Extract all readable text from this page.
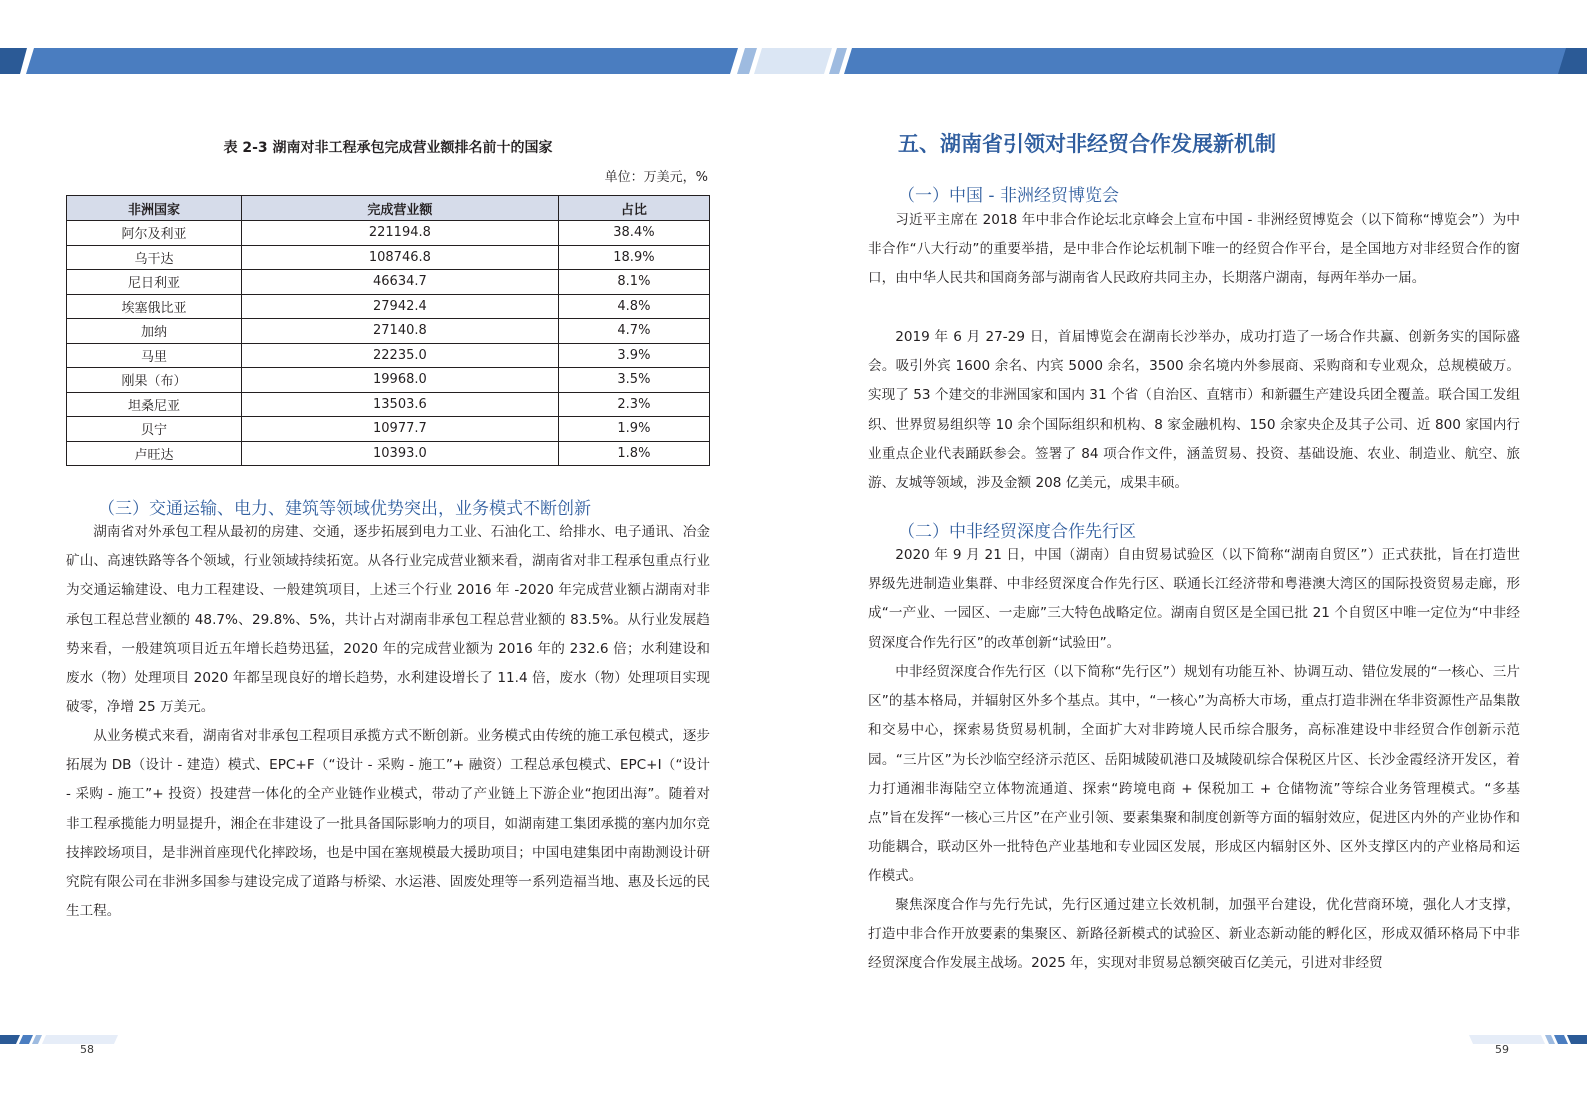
58	59
表 2-3 湖南对非工程承包完成营业额排名前十的国家
单位：万美元，%
非洲国家	完成营业额	占比
阿尔及利亚	221194.8	38.4%
乌干达	108746.8	18.9%
尼日利亚	46634.7	8.1%
埃塞俄比亚	27942.4	4.8%
加纳	27140.8	4.7%
马里	22235.0	3.9%
刚果（布）	19968.0	3.5%
坦桑尼亚	13503.6	2.3%
贝宁	10977.7	1.9%
卢旺达	10393.0	1.8%
（三）交通运输、电力、建筑等领域优势突出，业务模式不断创新

湖南省对外承包工程从最初的房建、交通，逐步拓展到电力工业、石油化工、给排水、电子通讯、冶金矿山、高速铁路等各个领域，行业领域持续拓宽。从各行业完成营业额来看，湖南省对非工程承包重点行业为交通运输建设、电力工程建设、一般建筑项目，上述三个行业 2016 年 -2020 年完成营业额占湖南对非承包工程总营业额的 48.7%、29.8%、5%，共计占对湖南非承包工程总营业额的 83.5%。从行业发展趋势来看，一般建筑项目近五年增长趋势迅猛，2020 年的完成营业额为 2016 年的 232.6 倍；水利建设和废水（物）处理项目 2020 年都呈现良好的增长趋势，水利建设增长了 11.4 倍，废水（物）处理项目实现破零，净增 25 万美元。

从业务模式来看，湖南省对非承包工程项目承揽方式不断创新。业务模式由传统的施工承包模式，逐步拓展为 DB（设计 - 建造）模式、EPC+F（“设计 - 采购 - 施工”+ 融资）工程总承包模式、EPC+I（“设计 - 采购 - 施工”+ 投资）投建营一体化的全产业链作业模式，带动了产业链上下游企业“抱团出海”。随着对非工程承揽能力明显提升，湘企在非建设了一批具备国际影响力的项目，如湖南建工集团承揽的塞内加尔竞技摔跤场项目，是非洲首座现代化摔跤场，也是中国在塞规模最大援助项目；中国电建集团中南勘测设计研究院有限公司在非洲多国参与建设完成了道路与桥梁、水运港、固废处理等一系列造福当地、惠及长远的民生工程。

五、湖南省引领对非经贸合作发展新机制
（一）中国 - 非洲经贸博览会

习近平主席在 2018 年中非合作论坛北京峰会上宣布中国 - 非洲经贸博览会（以下简称“博览会”）为中非合作“八大行动”的重要举措，是中非合作论坛机制下唯一的经贸合作平台，是全国地方对非经贸合作的窗口，由中华人民共和国商务部与湖南省人民政府共同主办，长期落户湖南，每两年举办一届。

2019 年 6 月 27-29 日，首届博览会在湖南长沙举办，成功打造了一场合作共赢、创新务实的国际盛会。吸引外宾 1600 余名、内宾 5000 余名，3500 余名境内外参展商、采购商和专业观众，总规模破万。实现了 53 个建交的非洲国家和国内 31 个省（自治区、直辖市）和新疆生产建设兵团全覆盖。联合国工发组织、世界贸易组织等 10 余个国际组织和机构、8 家金融机构、150 余家央企及其子公司、近 800 家国内行业重点企业代表踊跃参会。签署了 84 项合作文件，涵盖贸易、投资、基础设施、农业、制造业、航空、旅游、友城等领域，涉及金额 208 亿美元，成果丰硕。

（二）中非经贸深度合作先行区

2020 年 9 月 21 日，中国（湖南）自由贸易试验区（以下简称“湖南自贸区”）正式获批，旨在打造世界级先进制造业集群、中非经贸深度合作先行区、联通长江经济带和粤港澳大湾区的国际投资贸易走廊，形成“一产业、一园区、一走廊”三大特色战略定位。湖南自贸区是全国已批 21 个自贸区中唯一定位为“中非经贸深度合作先行区”的改革创新“试验田”。

中非经贸深度合作先行区（以下简称“先行区”）规划有功能互补、协调互动、错位发展的“一核心、三片区”的基本格局，并辐射区外多个基点。其中，“一核心”为高桥大市场，重点打造非洲在华非资源性产品集散和交易中心，探索易货贸易机制，全面扩大对非跨境人民币综合服务，高标准建设中非经贸合作创新示范园。“三片区”为长沙临空经济示范区、岳阳城陵矶港口及城陵矶综合保税区片区、长沙金霞经济开发区，着力打通湘非海陆空立体物流通道、探索“跨境电商 + 保税加工 + 仓储物流”等综合业务管理模式。“多基点”旨在发挥“一核心三片区”在产业引领、要素集聚和制度创新等方面的辐射效应，促进区内外的产业协作和功能耦合，联动区外一批特色产业基地和专业园区发展，形成区内辐射区外、区外支撑区内的产业格局和运作模式。

聚焦深度合作与先行先试，先行区通过建立长效机制，加强平台建设，优化营商环境，强化人才支撑，打造中非合作开放要素的集聚区、新路径新模式的试验区、新业态新动能的孵化区，形成双循环格局下中非经贸深度合作发展主战场。2025 年，实现对非贸易总额突破百亿美元，引进对非经贸
